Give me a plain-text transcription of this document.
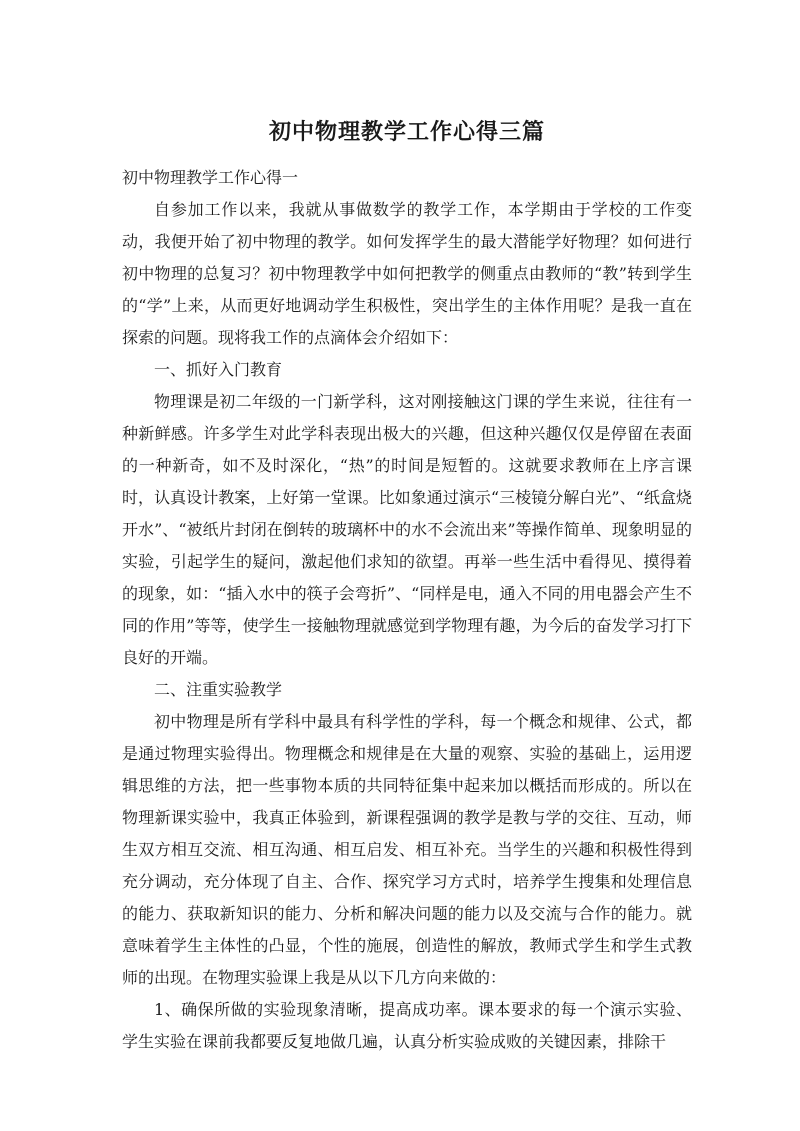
初中物理教学工作心得三篇

初中物理教学工作心得一

自参加工作以来，我就从事做数学的教学工作，本学期由于学校的工作变动，我便开始了初中物理的教学。如何发挥学生的最大潜能学好物理？如何进行初中物理的总复习？初中物理教学中如何把教学的侧重点由教师的“教”转到学生的“学”上来，从而更好地调动学生积极性，突出学生的主体作用呢？是我一直在探索的问题。现将我工作的点滴体会介绍如下：

一、抓好入门教育

物理课是初二年级的一门新学科，这对刚接触这门课的学生来说，往往有一种新鲜感。许多学生对此学科表现出极大的兴趣，但这种兴趣仅仅是停留在表面的一种新奇，如不及时深化，“热”的时间是短暂的。这就要求教师在上序言课时，认真设计教案，上好第一堂课。比如象通过演示“三棱镜分解白光”、“纸盒烧开水”、“被纸片封闭在倒转的玻璃杯中的水不会流出来”等操作简单、现象明显的实验，引起学生的疑问，激起他们求知的欲望。再举一些生活中看得见、摸得着的现象，如：“插入水中的筷子会弯折”、“同样是电，通入不同的用电器会产生不同的作用”等等，使学生一接触物理就感觉到学物理有趣，为今后的奋发学习打下良好的开端。

二、注重实验教学

初中物理是所有学科中最具有科学性的学科，每一个概念和规律、公式，都是通过物理实验得出。物理概念和规律是在大量的观察、实验的基础上，运用逻辑思维的方法，把一些事物本质的共同特征集中起来加以概括而形成的。所以在物理新课实验中，我真正体验到，新课程强调的教学是教与学的交往、互动，师生双方相互交流、相互沟通、相互启发、相互补充。当学生的兴趣和积极性得到充分调动，充分体现了自主、合作、探究学习方式时，培养学生搜集和处理信息的能力、获取新知识的能力、分析和解决问题的能力以及交流与合作的能力。就意味着学生主体性的凸显，个性的施展，创造性的解放，教师式学生和学生式教师的出现。在物理实验课上我是从以下几方向来做的：

1、确保所做的实验现象清晰，提高成功率。课本要求的每一个演示实验、学生实验在课前我都要反复地做几遍，认真分析实验成败的关键因素，排除干
